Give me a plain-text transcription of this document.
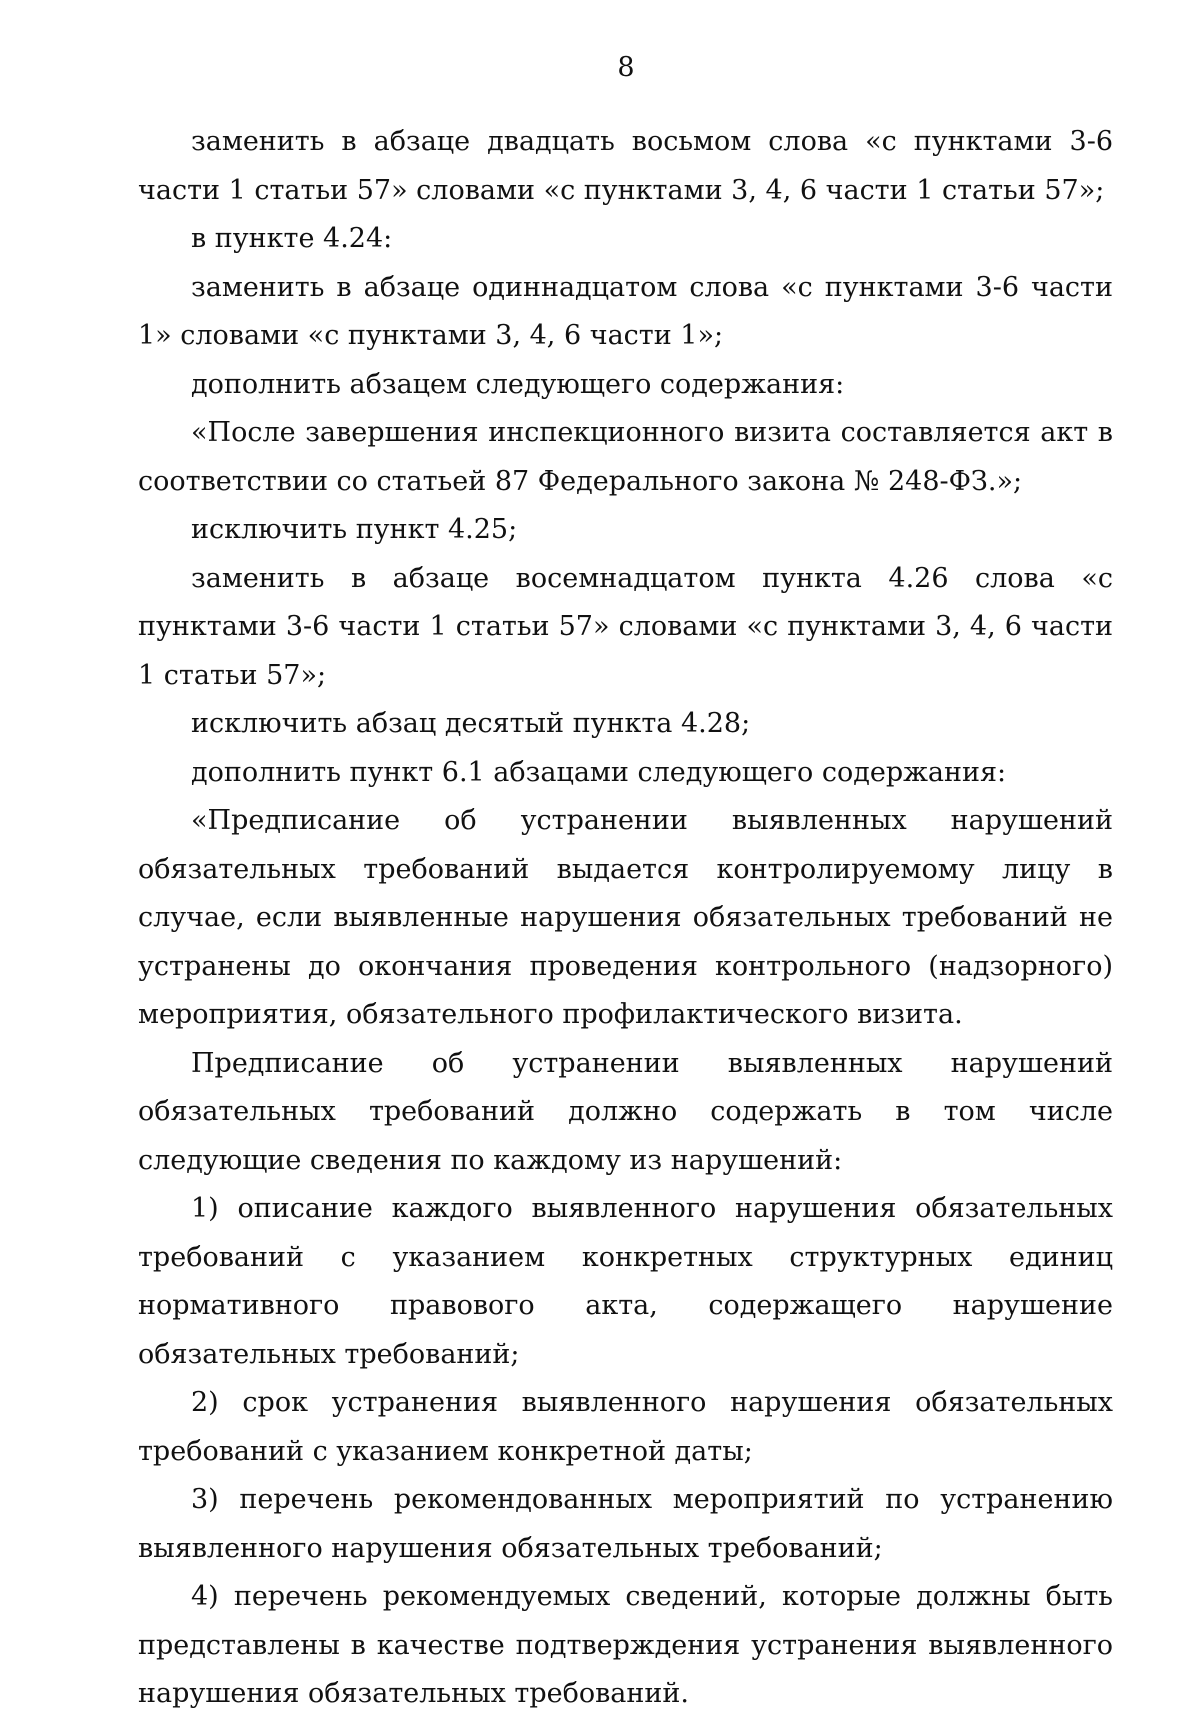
8

заменить в абзаце двадцать восьмом слова «с пунктами 3-6 части 1 статьи 57» словами «с пунктами 3, 4, 6 части 1 статьи 57»;

в пункте 4.24:

заменить в абзаце одиннадцатом слова «с пунктами 3-6 части 1» словами «с пунктами 3, 4, 6 части 1»;

дополнить абзацем следующего содержания:

«После завершения инспекционного визита составляется акт в соответствии со статьей 87 Федерального закона № 248-ФЗ.»;

исключить пункт 4.25;

заменить в абзаце восемнадцатом пункта 4.26 слова «с пунктами 3-6 части 1 статьи 57» словами «с пунктами 3, 4, 6 части 1 статьи 57»;

исключить абзац десятый пункта 4.28;

дополнить пункт 6.1 абзацами следующего содержания:

«Предписание об устранении выявленных нарушений обязательных требований выдается контролируемому лицу в случае, если выявленные нарушения обязательных требований не устранены до окончания проведения контрольного (надзорного) мероприятия, обязательного профилактического визита.

Предписание об устранении выявленных нарушений обязательных требований должно содержать в том числе следующие сведения по каждому из нарушений:

1) описание каждого выявленного нарушения обязательных требований с указанием конкретных структурных единиц нормативного правового акта, содержащего нарушение обязательных требований;

2) срок устранения выявленного нарушения обязательных требований с указанием конкретной даты;

3) перечень рекомендованных мероприятий по устранению выявленного нарушения обязательных требований;

4) перечень рекомендуемых сведений, которые должны быть представлены в качестве подтверждения устранения выявленного нарушения обязательных требований.
